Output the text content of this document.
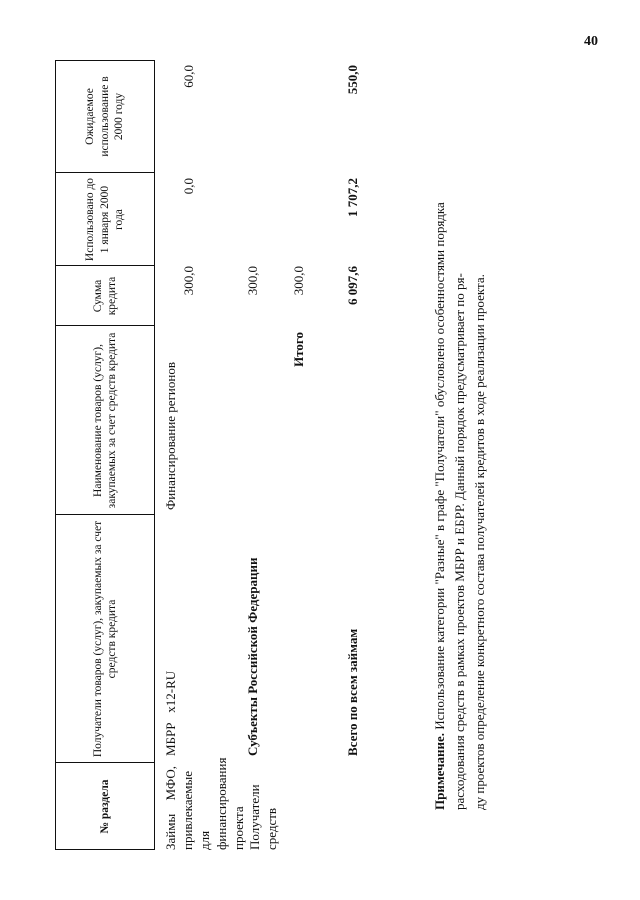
40
№ раздела
Получатели товаров (услуг), закупаемых за счет средств кредита
Наименование товаров (услуг), закупаемых за счет средств кредита
Сумма кредита
Использовано до 1 января 2000 года
Ожидаемое использование в 2000 году
Займы МФО, привлекаемые для финансирования проекта Получатели средств
МБРР   x12-RU
Финансирование регионов
300,0
0,0
60,0
Субъекты Российской Федерации
300,0
Итого
300,0
Всего по всем займам
6 097,6
1 707,2
550,0
Примечание. Использование категории "Разные" в графе "Получатели" обусловлено особенностями порядка расходования средств в рамках проектов МБРР и ЕБРР. Данный порядок предусматривает по ря- ду проектов определение конкретного состава получателей кредитов в ходе реализации проекта.
